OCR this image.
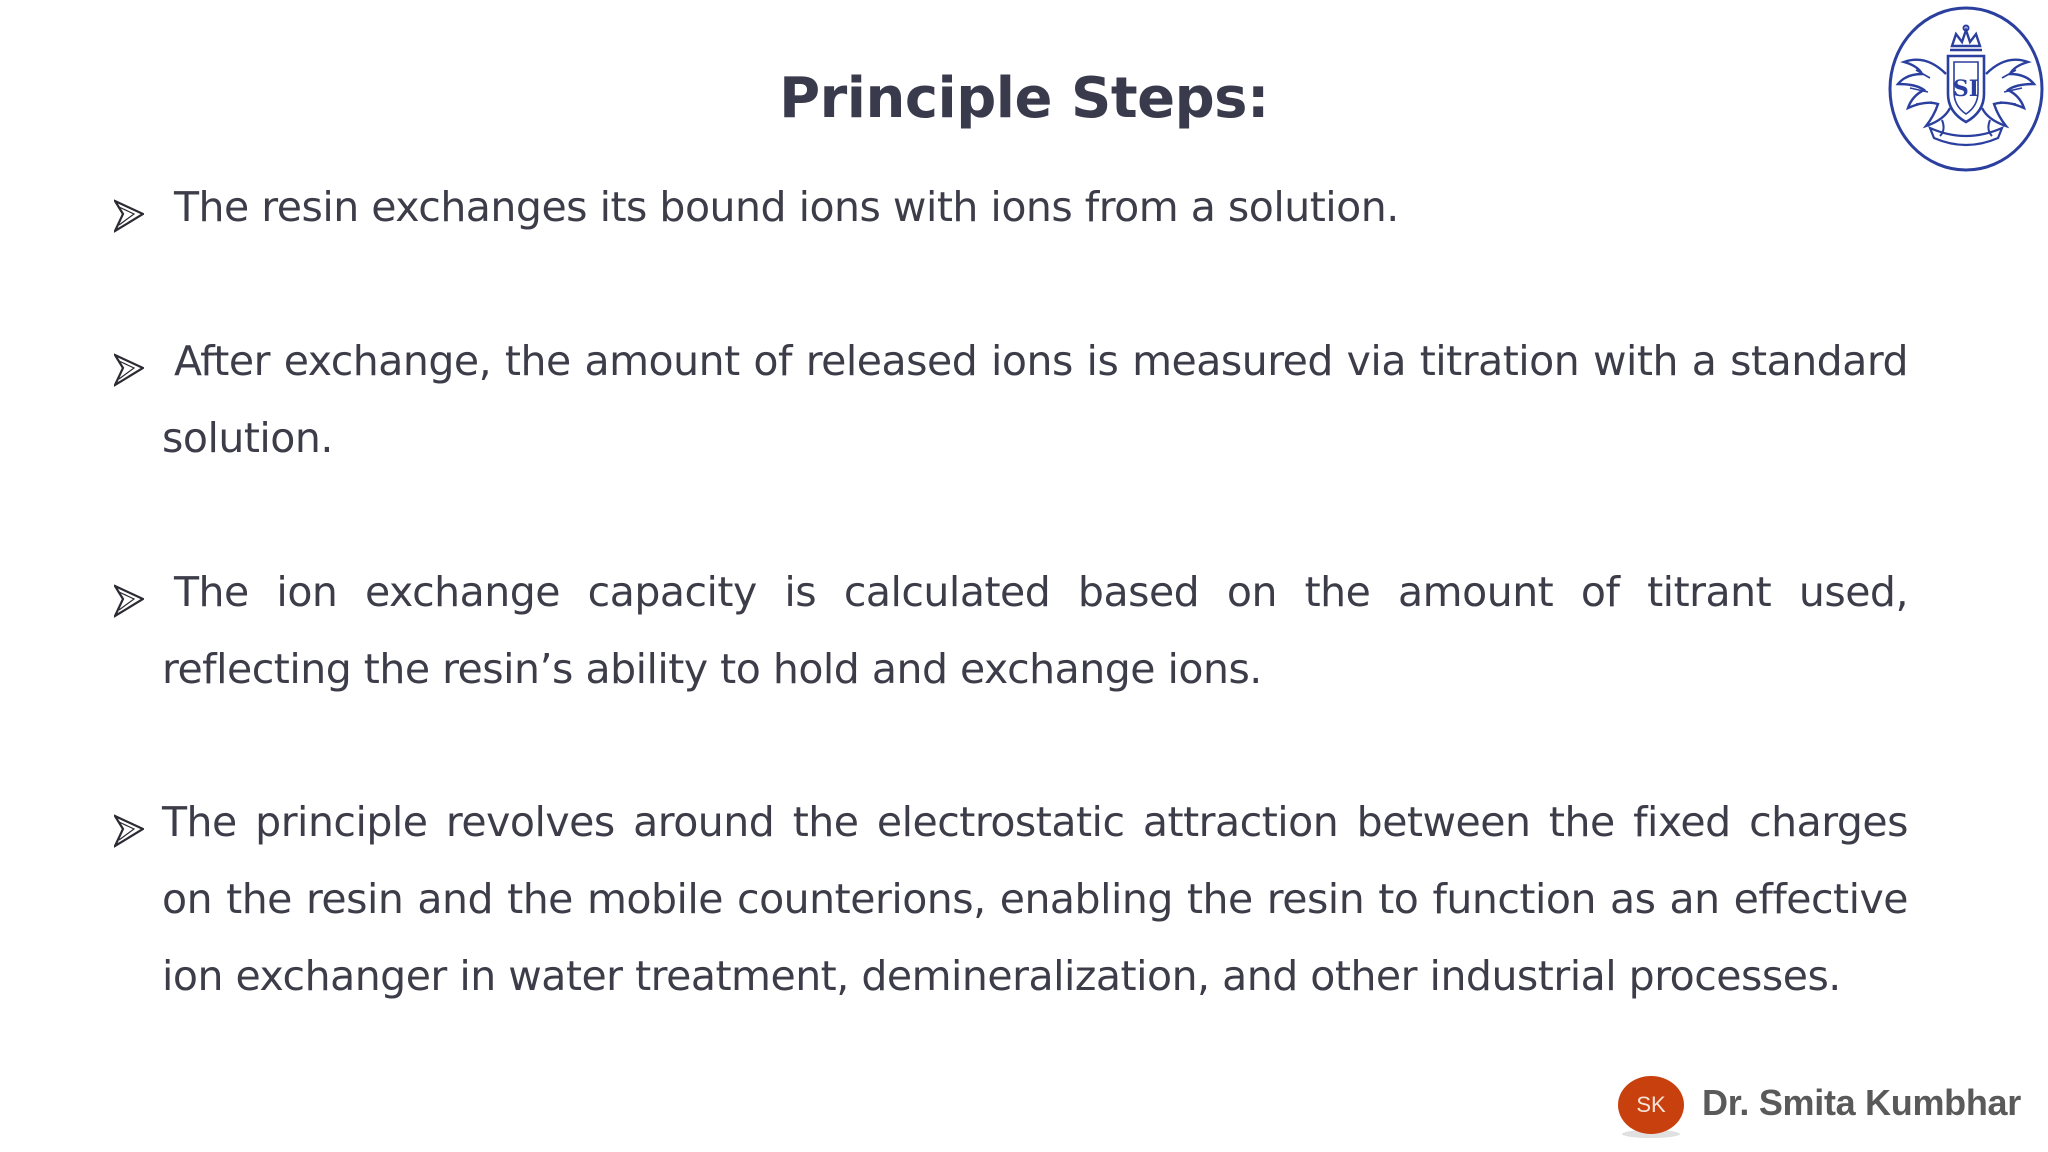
Principle Steps:	SI

The resin exchanges its bound ions with ions from a solution.

After exchange, the amount of released ions is measured via titration with a standard solution.

The ion exchange capacity is calculated based on the amount of titrant used, reflecting the resin’s ability to hold and exchange ions.

The principle revolves around the electrostatic attraction between the fixed charges on the resin and the mobile counterions, enabling the resin to function as an effective ion exchanger in water treatment, demineralization, and other industrial processes.

SK	Dr. Smita Kumbhar
